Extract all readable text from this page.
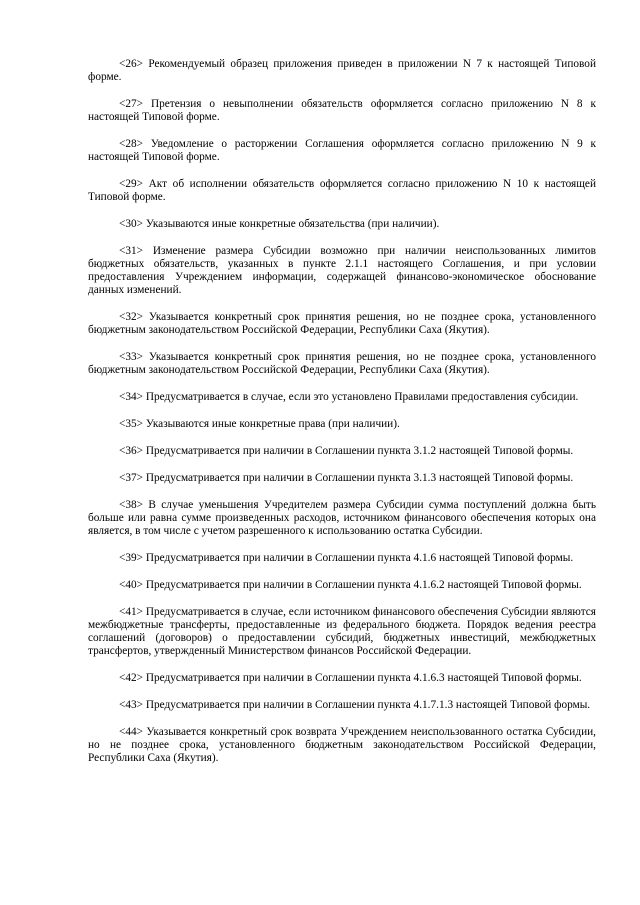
<26> Рекомендуемый образец приложения приведен в приложении N 7 к настоящей Типовой форме.

<27> Претензия о невыполнении обязательств оформляется согласно приложению N 8 к настоящей Типовой форме.

<28> Уведомление о расторжении Соглашения оформляется согласно приложению N 9 к настоящей Типовой форме.

<29> Акт об исполнении обязательств оформляется согласно приложению N 10 к настоящей Типовой форме.

<30> Указываются иные конкретные обязательства (при наличии).

<31> Изменение размера Субсидии возможно при наличии неиспользованных лимитов бюджетных обязательств, указанных в пункте 2.1.1 настоящего Соглашения, и при условии предоставления Учреждением информации, содержащей финансово-экономическое обоснование данных изменений.

<32> Указывается конкретный срок принятия решения, но не позднее срока, установленного бюджетным законодательством Российской Федерации, Республики Саха (Якутия).

<33> Указывается конкретный срок принятия решения, но не позднее срока, установленного бюджетным законодательством Российской Федерации, Республики Саха (Якутия).

<34> Предусматривается в случае, если это установлено Правилами предоставления субсидии.

<35> Указываются иные конкретные права (при наличии).

<36> Предусматривается при наличии в Соглашении пункта 3.1.2 настоящей Типовой формы.

<37> Предусматривается при наличии в Соглашении пункта 3.1.3 настоящей Типовой формы.

<38> В случае уменьшения Учредителем размера Субсидии сумма поступлений должна быть больше или равна сумме произведенных расходов, источником финансового обеспечения которых она является, в том числе с учетом разрешенного к использованию остатка Субсидии.

<39> Предусматривается при наличии в Соглашении пункта 4.1.6 настоящей Типовой формы.

<40> Предусматривается при наличии в Соглашении пункта 4.1.6.2 настоящей Типовой формы.

<41> Предусматривается в случае, если источником финансового обеспечения Субсидии являются межбюджетные трансферты, предоставленные из федерального бюджета. Порядок ведения реестра соглашений (договоров) о предоставлении субсидий, бюджетных инвестиций, межбюджетных трансфертов, утвержденный Министерством финансов Российской Федерации.

<42> Предусматривается при наличии в Соглашении пункта 4.1.6.3 настоящей Типовой формы.

<43> Предусматривается при наличии в Соглашении пункта 4.1.7.1.3 настоящей Типовой формы.

<44> Указывается конкретный срок возврата Учреждением неиспользованного остатка Субсидии, но не позднее срока, установленного бюджетным законодательством Российской Федерации, Республики Саха (Якутия).
